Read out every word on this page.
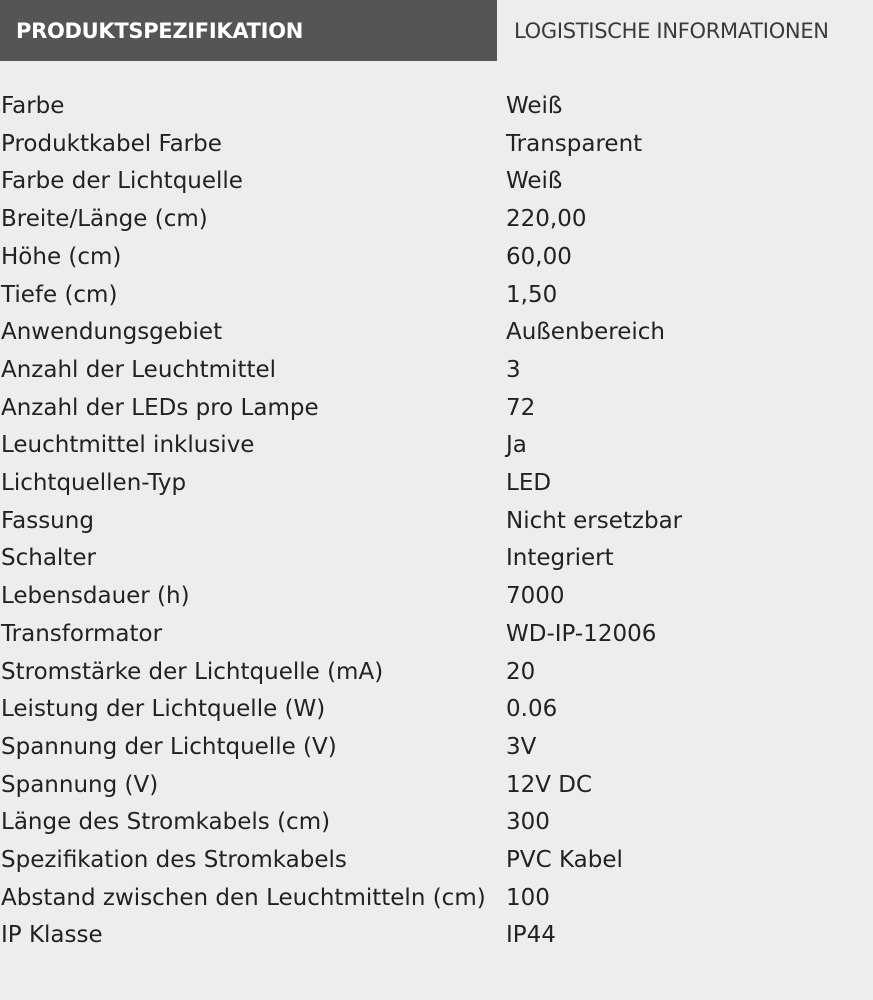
PRODUKTSPEZIFIKATION	LOGISTISCHE INFORMATIONEN
Farbe	Weiß
Produktkabel Farbe	Transparent
Farbe der Lichtquelle	Weiß
Breite/Länge (cm)	220,00
Höhe (cm)	60,00
Tiefe (cm)	1,50
Anwendungsgebiet	Außenbereich
Anzahl der Leuchtmittel	3
Anzahl der LEDs pro Lampe	72
Leuchtmittel inklusive	Ja
Lichtquellen-Typ	LED
Fassung	Nicht ersetzbar
Schalter	Integriert
Lebensdauer (h)	7000
Transformator	WD-IP-12006
Stromstärke der Lichtquelle (mA)	20
Leistung der Lichtquelle (W)	0.06
Spannung der Lichtquelle (V)	3V
Spannung (V)	12V DC
Länge des Stromkabels (cm)	300
Spezifikation des Stromkabels	PVC Kabel
Abstand zwischen den Leuchtmitteln (cm)	100
IP Klasse	IP44
